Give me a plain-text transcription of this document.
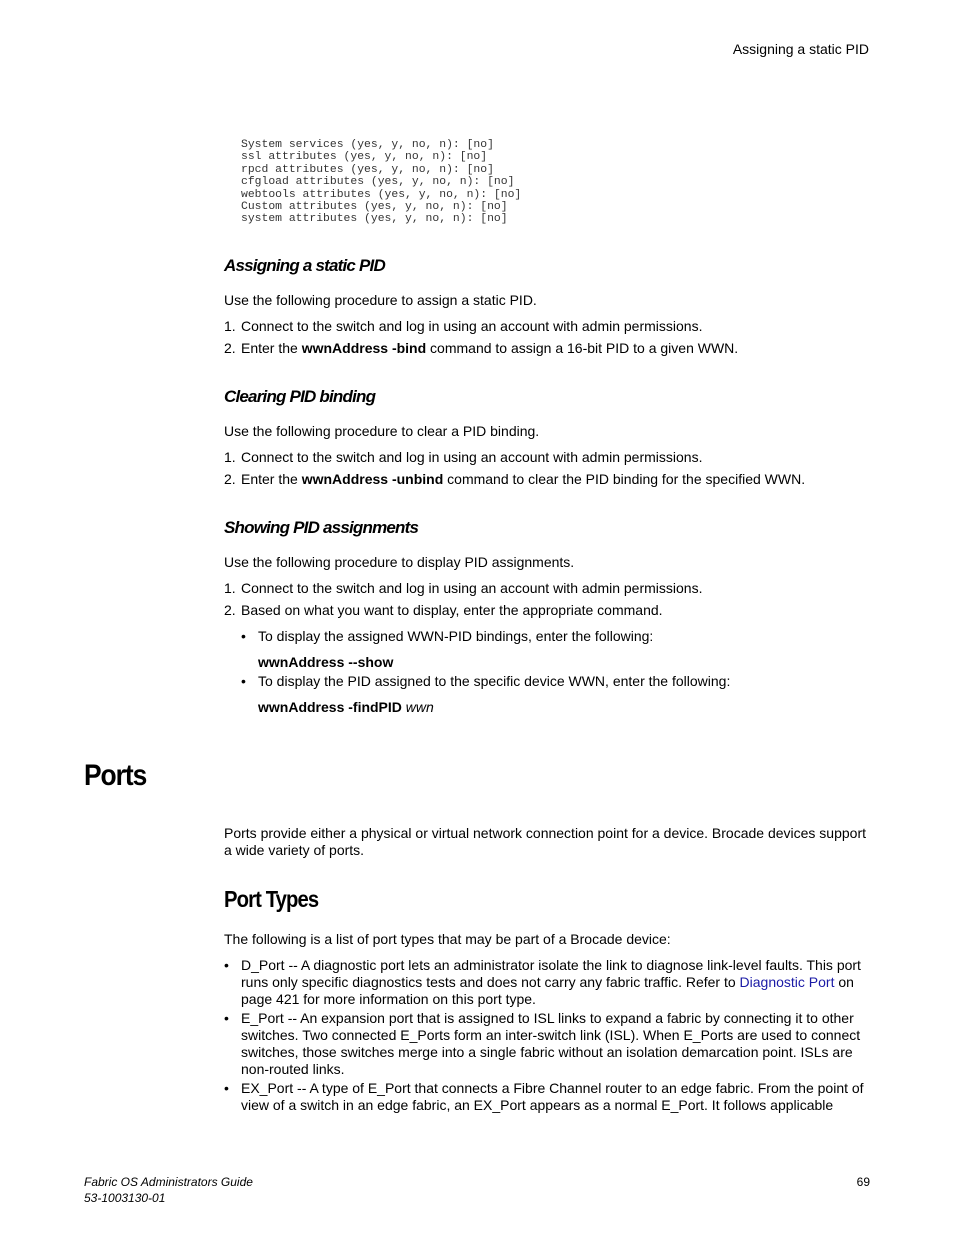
Assigning a static PID
System services (yes, y, no, n): [no]
ssl attributes (yes, y, no, n): [no]
rpcd attributes (yes, y, no, n): [no]
cfgload attributes (yes, y, no, n): [no]
webtools attributes (yes, y, no, n): [no]
Custom attributes (yes, y, no, n): [no]
system attributes (yes, y, no, n): [no]
Assigning a static PID
Use the following procedure to assign a static PID.
1. Connect to the switch and log in using an account with admin permissions.
2. Enter the wwnAddress -bind command to assign a 16-bit PID to a given WWN.
Clearing PID binding
Use the following procedure to clear a PID binding.
1. Connect to the switch and log in using an account with admin permissions.
2. Enter the wwnAddress -unbind command to clear the PID binding for the specified WWN.
Showing PID assignments
Use the following procedure to display PID assignments.
1. Connect to the switch and log in using an account with admin permissions.
2. Based on what you want to display, enter the appropriate command.
• To display the assigned WWN-PID bindings, enter the following:
wwnAddress --show
• To display the PID assigned to the specific device WWN, enter the following:
wwnAddress -findPID wwn
Ports
Ports provide either a physical or virtual network connection point for a device. Brocade devices support a wide variety of ports.
Port Types
The following is a list of port types that may be part of a Brocade device:
• D_Port -- A diagnostic port lets an administrator isolate the link to diagnose link-level faults. This port runs only specific diagnostics tests and does not carry any fabric traffic. Refer to Diagnostic Port on page 421 for more information on this port type.
• E_Port -- An expansion port that is assigned to ISL links to expand a fabric by connecting it to other switches. Two connected E_Ports form an inter-switch link (ISL). When E_Ports are used to connect switches, those switches merge into a single fabric without an isolation demarcation point. ISLs are non-routed links.
• EX_Port -- A type of E_Port that connects a Fibre Channel router to an edge fabric. From the point of view of a switch in an edge fabric, an EX_Port appears as a normal E_Port. It follows applicable
Fabric OS Administrators Guide
53-1003130-01
69
